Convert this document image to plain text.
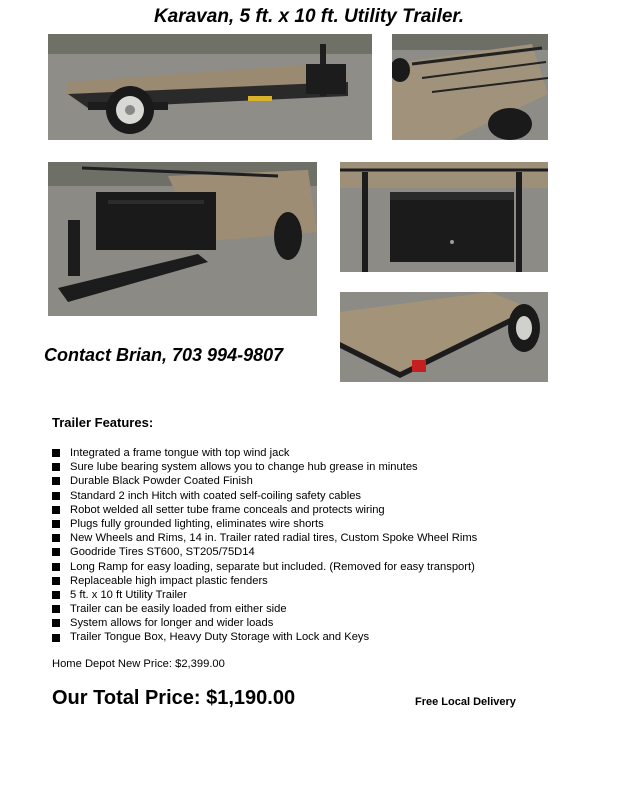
Karavan, 5 ft. x 10 ft. Utility Trailer.
Contact Brian, 703 994-9807
Trailer Features:
Integrated a frame tongue with top wind jack
Sure lube bearing system allows you to change hub grease in minutes
Durable Black Powder Coated Finish
Standard 2 inch Hitch with coated self-coiling safety cables
Robot welded all setter tube frame conceals and protects wiring
Plugs fully grounded lighting, eliminates wire shorts
New Wheels and Rims, 14 in. Trailer rated radial tires, Custom Spoke Wheel Rims
Goodride Tires ST600, ST205/75D14
Long Ramp for easy loading, separate but included. (Removed for easy transport)
Replaceable high impact plastic fenders
5 ft. x 10 ft Utility Trailer
Trailer can be easily loaded from either side
System allows for longer and wider loads
Trailer Tongue Box, Heavy Duty Storage with Lock and Keys
Home Depot New Price: $2,399.00
Our Total Price: $1,190.00	Free Local Delivery
